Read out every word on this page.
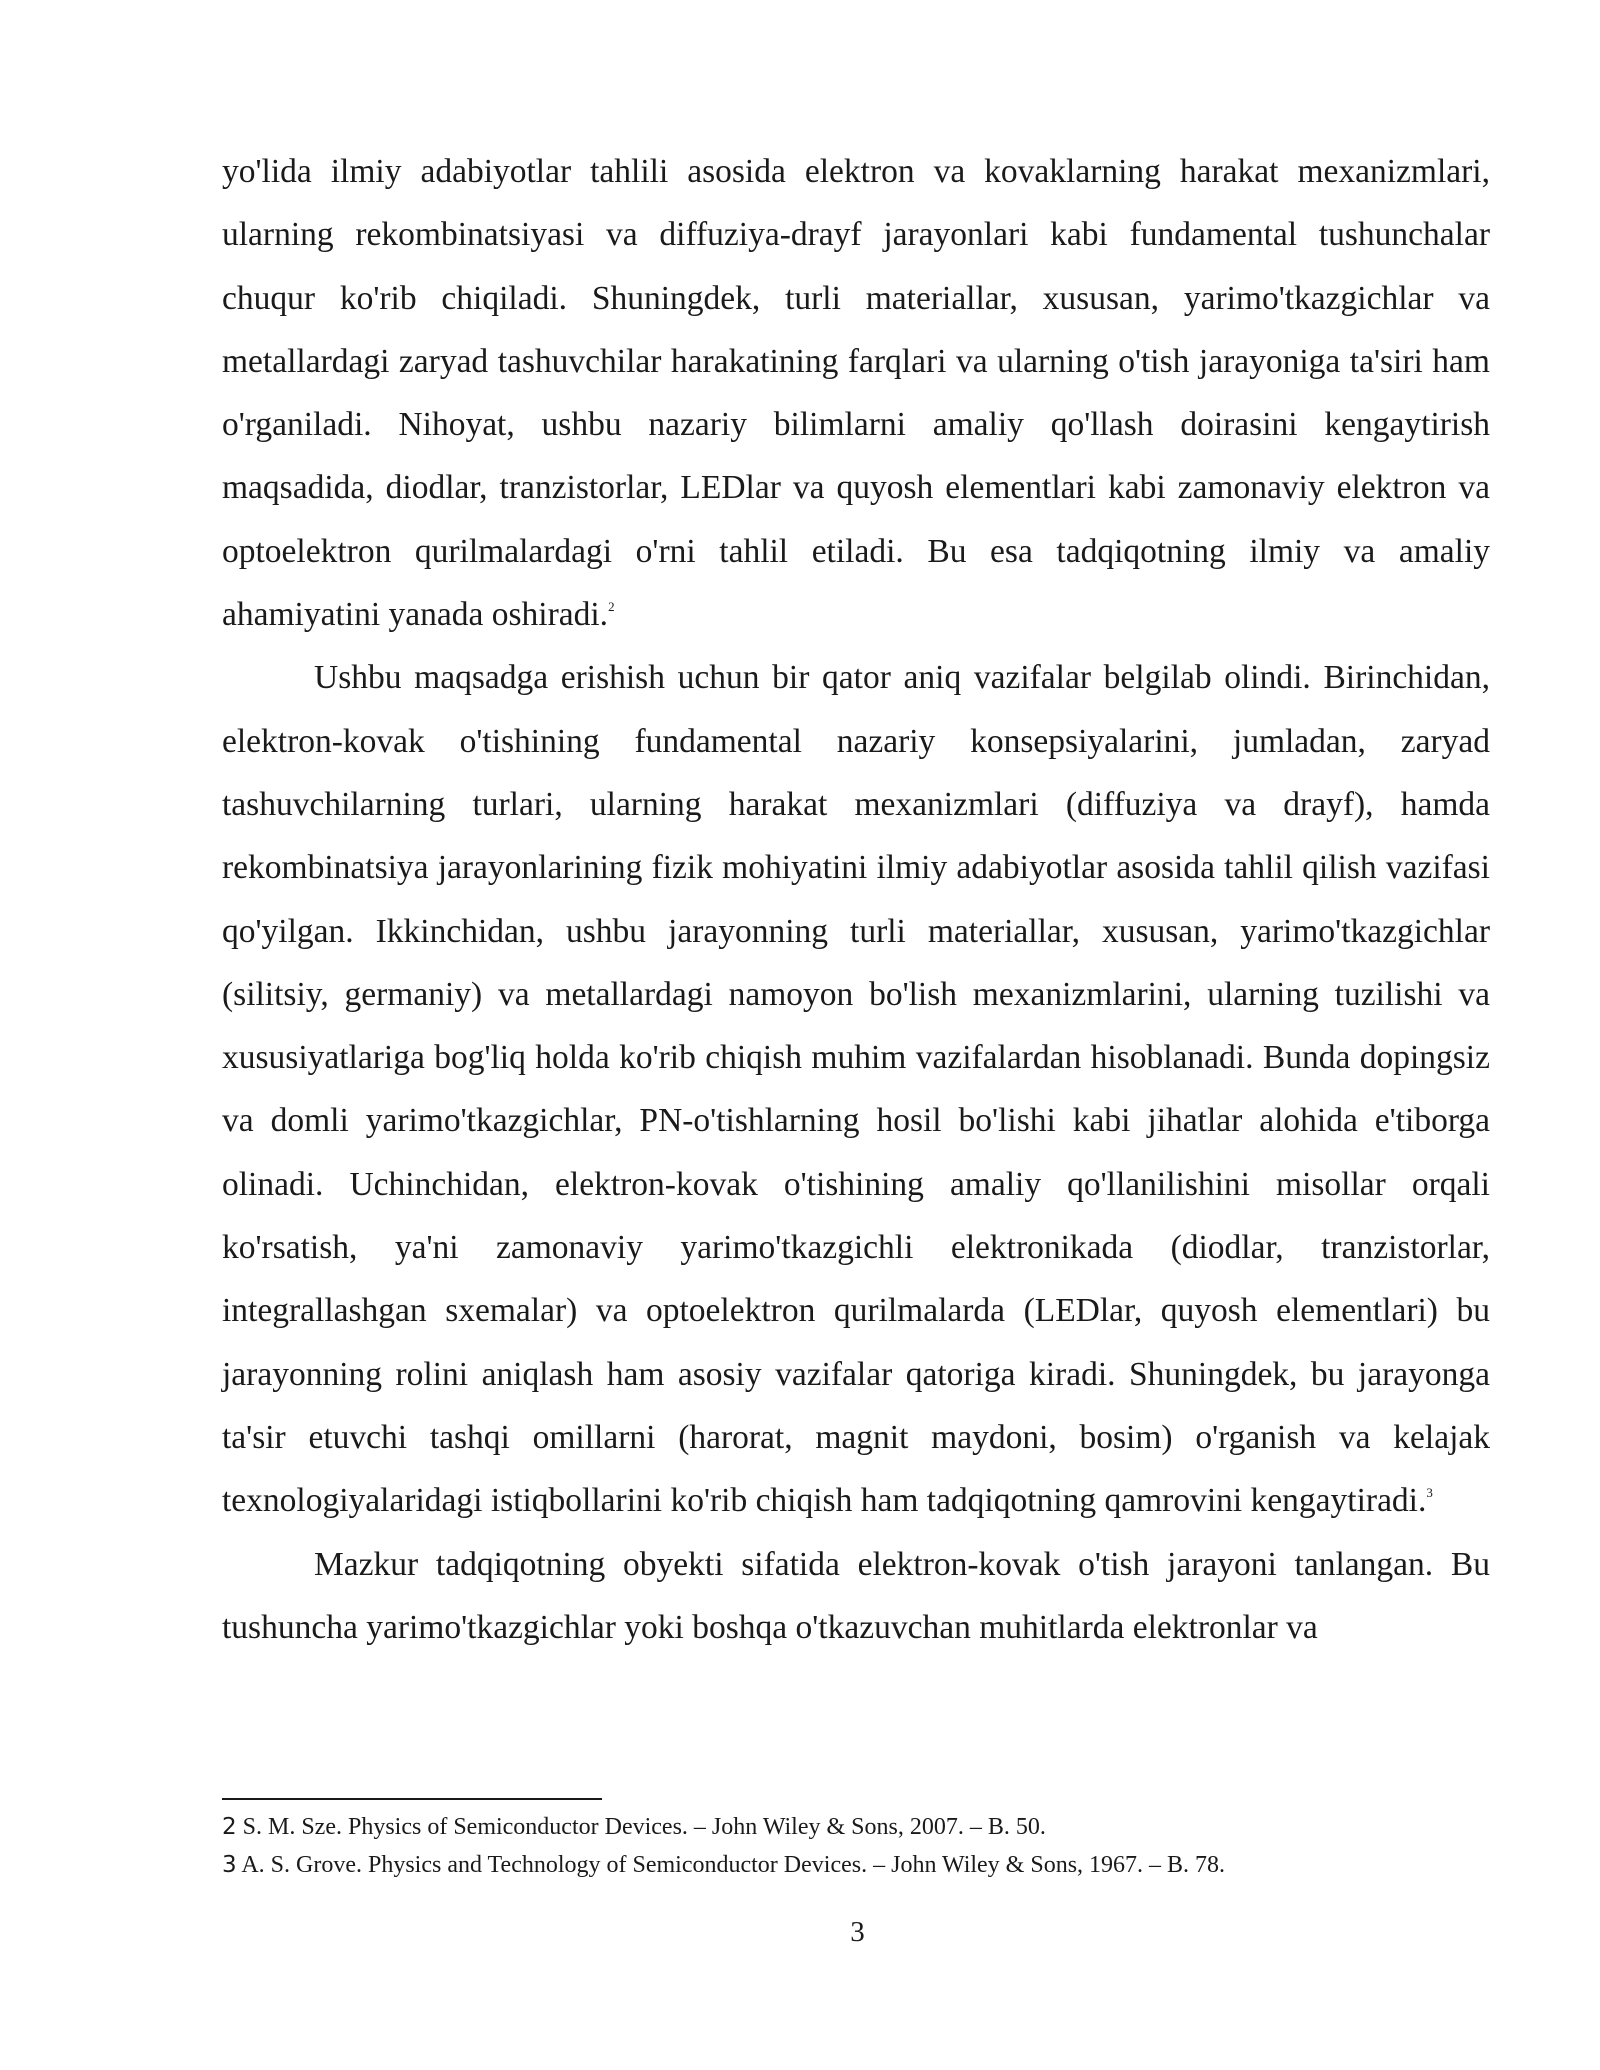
yo'lida ilmiy adabiyotlar tahlili asosida elektron va kovaklarning harakat mexanizmlari, ularning rekombinatsiyasi va diffuziya-drayf jarayonlari kabi fundamental tushunchalar chuqur ko'rib chiqiladi. Shuningdek, turli materiallar, xususan, yarimo'tkazgichlar va metallardagi zaryad tashuvchilar harakatining farqlari va ularning o'tish jarayoniga ta'siri ham o'rganiladi. Nihoyat, ushbu nazariy bilimlarni amaliy qo'llash doirasini kengaytirish maqsadida, diodlar, tranzistorlar, LEDlar va quyosh elementlari kabi zamonaviy elektron va optoelektron qurilmalardagi o'rni tahlil etiladi. Bu esa tadqiqotning ilmiy va amaliy ahamiyatini yanada oshiradi.$^2$

Ushbu maqsadga erishish uchun bir qator aniq vazifalar belgilab olindi. Birinchidan, elektron-kovak o'tishining fundamental nazariy konsepsiyalarini, jumladan, zaryad tashuvchilarning turlari, ularning harakat mexanizmlari (diffuziya va drayf), hamda rekombinatsiya jarayonlarining fizik mohiyatini ilmiy adabiyotlar asosida tahlil qilish vazifasi qo'yilgan. Ikkinchidan, ushbu jarayonning turli materiallar, xususan, yarimo'tkazgichlar (silitsiy, germaniy) va metallardagi namoyon bo'lish mexanizmlarini, ularning tuzilishi va xususiyatlariga bog'liq holda ko'rib chiqish muhim vazifalardan hisoblanadi. Bunda dopingsiz va domli yarimo'tkazgichlar, PN-o'tishlarning hosil bo'lishi kabi jihatlar alohida e'tiborga olinadi. Uchinchidan, elektron-kovak o'tishining amaliy qo'llanilishini misollar orqali ko'rsatish, ya'ni zamonaviy yarimo'tkazgichli elektronikada (diodlar, tranzistorlar, integrallashgan sxemalar) va optoelektron qurilmalarda (LEDlar, quyosh elementlari) bu jarayonning rolini aniqlash ham asosiy vazifalar qatoriga kiradi. Shuningdek, bu jarayonga ta'sir etuvchi tashqi omillarni (harorat, magnit maydoni, bosim) o'rganish va kelajak texnologiyalaridagi istiqbollarini ko'rib chiqish ham tadqiqotning qamrovini kengaytiradi.$^3$

Mazkur tadqiqotning obyekti sifatida elektron-kovak o'tish jarayoni tanlangan. Bu tushuncha yarimo'tkazgichlar yoki boshqa o'tkazuvchan muhitlarda elektronlar va

2 S. M. Sze. Physics of Semiconductor Devices. – John Wiley & Sons, 2007. – B. 50.

3 A. S. Grove. Physics and Technology of Semiconductor Devices. – John Wiley & Sons, 1967. – B. 78.

3
